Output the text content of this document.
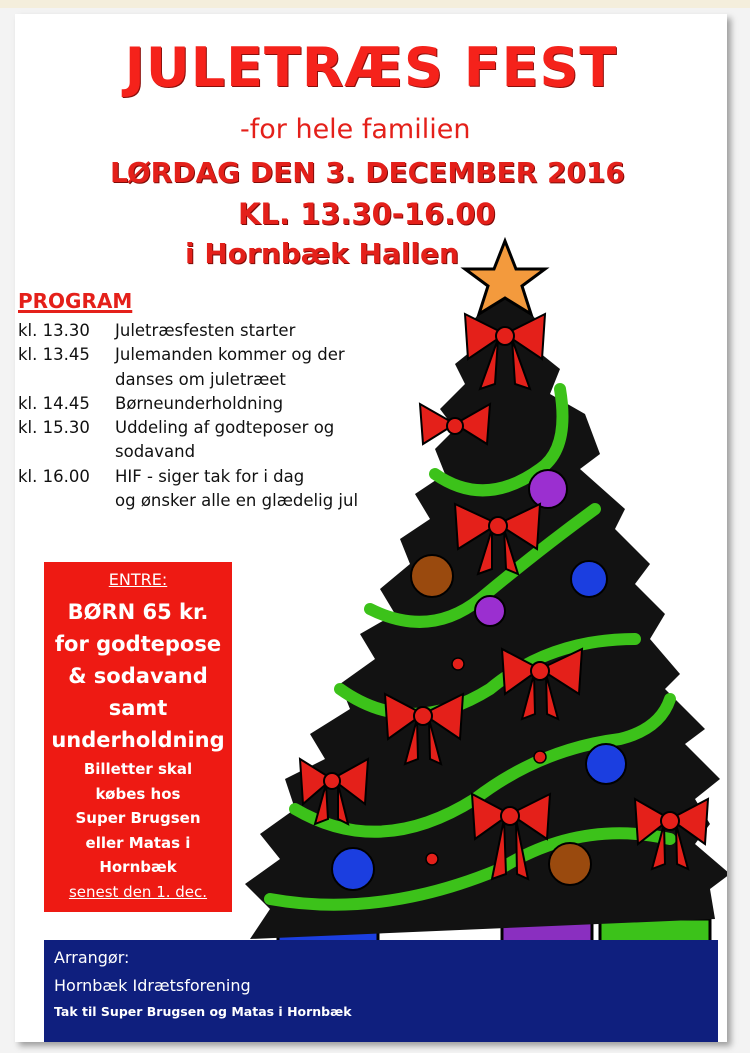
JULETRÆS FEST

-for hele familien

LØRDAG DEN 3. DECEMBER 2016
KL. 13.30-16.00
i Hornbæk Hallen
PROGRAM
kl. 13.30	Juletræsfesten starter
kl. 13.45	Julemanden kommer og der
danses om juletræet
kl. 14.45	Børneunderholdning
kl. 15.30	Uddeling af godteposer og
sodavand
kl. 16.00	HIF - siger tak for i dag
og ønsker alle en glædelig jul
ENTRE:
BØRN 65 kr.
for godtepose
& sodavand
samt
underholdning
Billetter skal
købes hos
Super Brugsen
eller Matas i
Hornbæk
senest den 1. dec.
Arrangør:
Hornbæk Idrætsforening
Tak til Super Brugsen og Matas i Hornbæk
